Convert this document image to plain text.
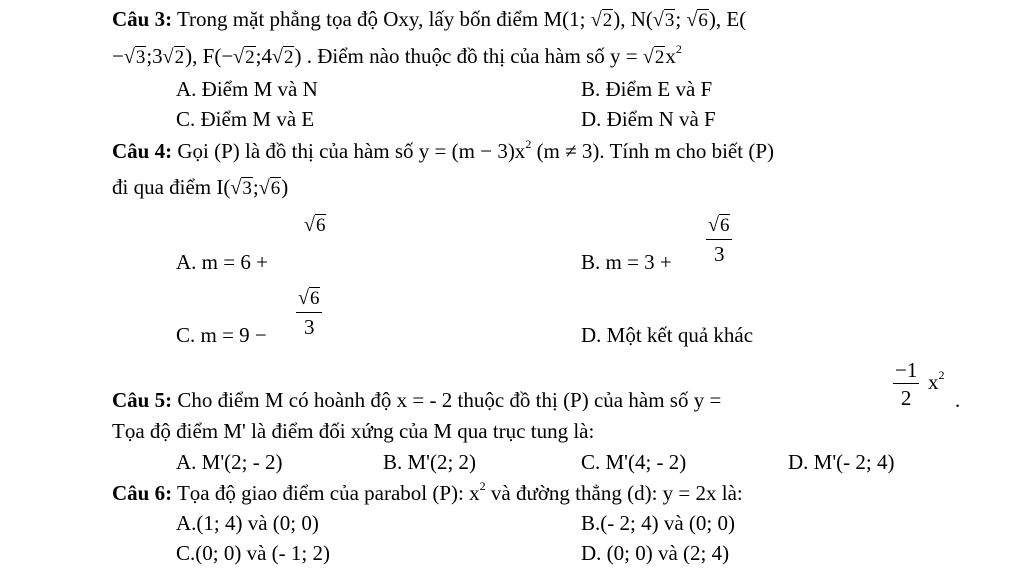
Câu 3: Trong mặt phẳng tọa độ Oxy, lấy bốn điểm M(1; √2), N(√3; √6), E(
−√3;3√2), F(−√2;4√2) . Điểm nào thuộc đồ thị của hàm số $y = √2x^2$
A. Điểm M và N	B. Điểm E và F
C. Điểm M và E	D. Điểm N và F
Câu 4: Gọi (P) là đồ thị của hàm số $y = (m - 3)x^2$ (m ≠ 3). Tính m cho biết (P)
đi qua điểm I(√3;√6)
√6
A. m = 6 +	B. $m = 3 + \frac{√6}{3}$
C. $m = 9 - \frac{√6}{3}$	D. Một kết quả khác
Câu 5: Cho điểm M có hoành độ x = - 2 thuộc đồ thị (P) của hàm số y =	$\frac{-1}{2} x^2$
.
Tọa độ điểm M' là điểm đối xứng của M qua trục tung là:
A. M'(2; - 2)	B. M'(2; 2)	C. M'(4; - 2)	D. M'(- 2; 4)
Câu 6: Tọa độ giao điểm của parabol (P): $x^2$ và đường thẳng (d): y = 2x là:
A.(1; 4) và (0; 0)	B.(- 2; 4) và (0; 0)
C.(0; 0) và (- 1; 2)	D. (0; 0) và (2; 4)
